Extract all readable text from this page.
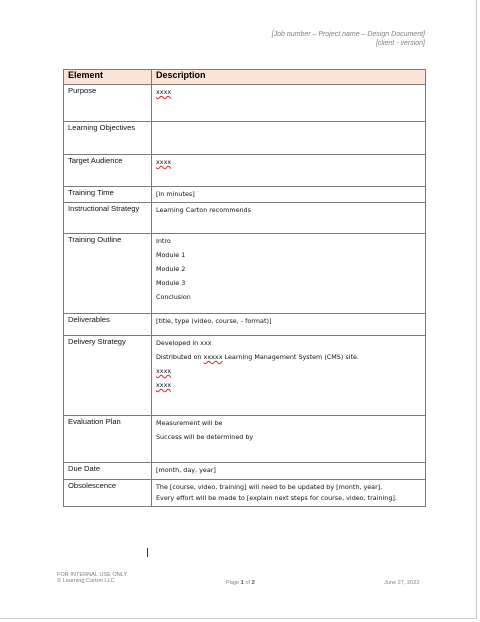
[Job number – Project name – Design Document]
[client - version]
Element	Description
Purpose	xxxx

Learning Objectives	
Target Audience	xxxx

Training Time	[in minutes]

Instructional Strategy	Learning Carton recommends

Training Outline	Intro
Module 1
Module 2
Module 3
Conclusion

Deliverables	[title, type (video, course, - format)]

Delivery Strategy	Developed in xxx
Distributed on xxxxx Learning Management System (CMS) site.
xxxx
xxxx

Evaluation Plan	Measurement will be
Success will be determined by

Due Date	[month, day, year]

Obsolescence	The [course, video, training] will need to be updated by [month, year].
Every effort will be made to [explain next steps for course, video, training].
FOR INTERNAL USE ONLY
© Learning Carton LLC	Page 1 of 2	June 27, 2023
